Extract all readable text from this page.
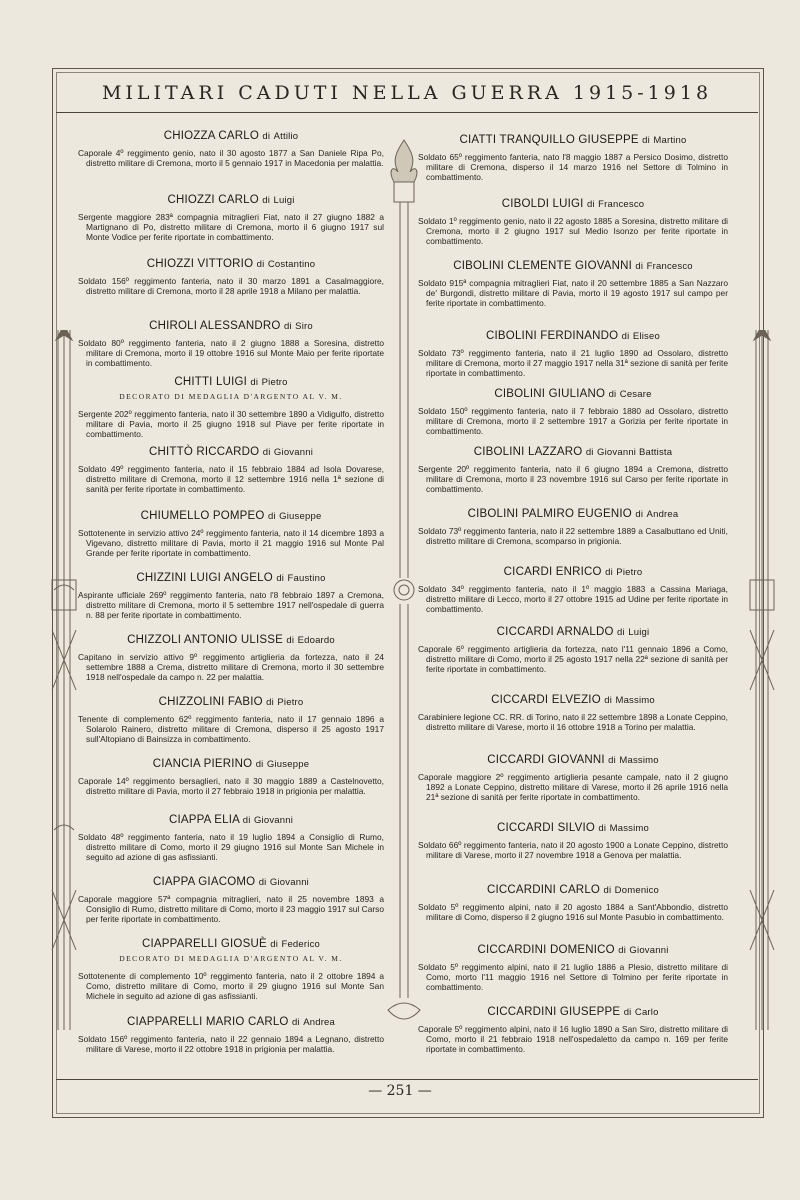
MILITARI CADUTI NELLA GUERRA 1915-1918
CHIOZZA CARLO di Attilio
Caporale 4º reggimento genio, nato il 30 agosto 1877 a San Daniele Ripa Po, distretto militare di Cremona, morto il 5 gennaio 1917 in Macedonia per malattia.
CHIOZZI CARLO di Luigi
Sergente maggiore 283ª compagnia mitraglieri Fiat, nato il 27 giugno 1882 a Martignano di Po, distretto militare di Cremona, morto il 6 giugno 1917 sul Monte Vodice per ferite riportate in combattimento.
CHIOZZI VITTORIO di Costantino
Soldato 156º reggimento fanteria, nato il 30 marzo 1891 a Casalmaggiore, distretto militare di Cremona, morto il 28 aprile 1918 a Milano per malattia.
CHIROLI ALESSANDRO di Siro
Soldato 80º reggimento fanteria, nato il 2 giugno 1888 a Soresina, distretto militare di Cremona, morto il 19 ottobre 1916 sul Monte Maio per ferite riportate in combattimento.
CHITTI LUIGI di Pietro
DECORATO DI MEDAGLIA D'ARGENTO AL V. M.
Sergente 202º reggimento fanteria, nato il 30 settembre 1890 a Vidigulfo, distretto militare di Pavia, morto il 25 giugno 1918 sul Piave per ferite riportate in combattimento.
CHITTÒ RICCARDO di Giovanni
Soldato 49º reggimento fanteria, nato il 15 febbraio 1884 ad Isola Dovarese, distretto militare di Cremona, morto il 12 settembre 1916 nella 1ª sezione di sanità per ferite riportate in combattimento.
CHIUMELLO POMPEO di Giuseppe
Sottotenente in servizio attivo 24º reggimento fanteria, nato il 14 dicembre 1893 a Vigevano, distretto militare di Pavia, morto il 21 maggio 1916 sul Monte Pal Grande per ferite riportate in combattimento.
CHIZZINI LUIGI ANGELO di Faustino
Aspirante ufficiale 269º reggimento fanteria, nato l'8 febbraio 1897 a Cremona, distretto militare di Cremona, morto il 5 settembre 1917 nell'ospedale di guerra n. 88 per ferite riportate in combattimento.
CHIZZOLI ANTONIO ULISSE di Edoardo
Capitano in servizio attivo 9º reggimento artiglieria da fortezza, nato il 24 settembre 1888 a Crema, distretto militare di Cremona, morto il 30 settembre 1918 nell'ospedale da campo n. 22 per malattia.
CHIZZOLINI FABIO di Pietro
Tenente di complemento 62º reggimento fanteria, nato il 17 gennaio 1896 a Solarolo Rainero, distretto militare di Cremona, disperso il 25 agosto 1917 sull'Altopiano di Bainsizza in combattimento.
CIANCIA PIERINO di Giuseppe
Caporale 14º reggimento bersaglieri, nato il 30 maggio 1889 a Castelnovetto, distretto militare di Pavia, morto il 27 febbraio 1918 in prigionia per malattia.
CIAPPA ELIA di Giovanni
Soldato 48º reggimento fanteria, nato il 19 luglio 1894 a Consiglio di Rumo, distretto militare di Como, morto il 29 giugno 1916 sul Monte San Michele in seguito ad azione di gas asfissianti.
CIAPPA GIACOMO di Giovanni
Caporale maggiore 57ª compagnia mitraglieri, nato il 25 novembre 1893 a Consiglio di Rumo, distretto militare di Como, morto il 23 maggio 1917 sul Carso per ferite riportate in combattimento.
CIAPPARELLI GIOSUÈ di Federico
DECORATO DI MEDAGLIA D'ARGENTO AL V. M.
Sottotenente di complemento 10º reggimento fanteria, nato il 2 ottobre 1894 a Como, distretto militare di Como, morto il 29 giugno 1916 sul Monte San Michele in seguito ad azione di gas asfissianti.
CIAPPARELLI MARIO CARLO di Andrea
Soldato 156º reggimento fanteria, nato il 22 gennaio 1894 a Legnano, distretto militare di Varese, morto il 22 ottobre 1918 in prigionia per malattia.
CIATTI TRANQUILLO GIUSEPPE di Martino
Soldato 65º reggimento fanteria, nato l'8 maggio 1887 a Persico Dosimo, distretto militare di Cremona, disperso il 14 marzo 1916 nel Settore di Tolmino in combattimento.
CIBOLDI LUIGI di Francesco
Soldato 1º reggimento genio, nato il 22 agosto 1885 a Soresina, distretto militare di Cremona, morto il 2 giugno 1917 sul Medio Isonzo per ferite riportate in combattimento.
CIBOLINI CLEMENTE GIOVANNI di Francesco
Soldato 915ª compagnia mitraglieri Fiat, nato il 20 settembre 1885 a San Nazzaro de' Burgondi, distretto militare di Pavia, morto il 19 agosto 1917 sul campo per ferite riportate in combattimento.
CIBOLINI FERDINANDO di Eliseo
Soldato 73º reggimento fanteria, nato il 21 luglio 1890 ad Ossolaro, distretto militare di Cremona, morto il 27 maggio 1917 nella 31ª sezione di sanità per ferite riportate in combattimento.
CIBOLINI GIULIANO di Cesare
Soldato 150º reggimento fanteria, nato il 7 febbraio 1880 ad Ossolaro, distretto militare di Cremona, morto il 2 settembre 1917 a Gorizia per ferite riportate in combattimento.
CIBOLINI LAZZARO di Giovanni Battista
Sergente 20º reggimento fanteria, nato il 6 giugno 1894 a Cremona, distretto militare di Cremona, morto il 23 novembre 1916 sul Carso per ferite riportate in combattimento.
CIBOLINI PALMIRO EUGENIO di Andrea
Soldato 73º reggimento fanteria, nato il 22 settembre 1889 a Casalbuttano ed Uniti, distretto militare di Cremona, scomparso in prigionia.
CICARDI ENRICO di Pietro
Soldato 34º reggimento fanteria, nato il 1º maggio 1883 a Cassina Mariaga, distretto militare di Lecco, morto il 27 ottobre 1915 ad Udine per ferite riportate in combattimento.
CICCARDI ARNALDO di Luigi
Caporale 6º reggimento artiglieria da fortezza, nato l'11 gennaio 1896 a Como, distretto militare di Como, morto il 25 agosto 1917 nella 22ª sezione di sanità per ferite riportate in combattimento.
CICCARDI ELVEZIO di Massimo
Carabiniere legione CC. RR. di Torino, nato il 22 settembre 1898 a Lonate Ceppino, distretto militare di Varese, morto il 16 ottobre 1918 a Torino per malattia.
CICCARDI GIOVANNI di Massimo
Caporale maggiore 2º reggimento artiglieria pesante campale, nato il 2 giugno 1892 a Lonate Ceppino, distretto militare di Varese, morto il 26 aprile 1916 nella 21ª sezione di sanità per ferite riportate in combattimento.
CICCARDI SILVIO di Massimo
Soldato 66º reggimento fanteria, nato il 20 agosto 1900 a Lonate Ceppino, distretto militare di Varese, morto il 27 novembre 1918 a Genova per malattia.
CICCARDINI CARLO di Domenico
Soldato 5º reggimento alpini, nato il 20 agosto 1884 a Sant'Abbondio, distretto militare di Como, disperso il 2 giugno 1916 sul Monte Pasubio in combattimento.
CICCARDINI DOMENICO di Giovanni
Soldato 5º reggimento alpini, nato il 21 luglio 1886 a Plesio, distretto militare di Como, morto l'11 maggio 1916 nel Settore di Tolmino per ferite riportate in combattimento.
CICCARDINI GIUSEPPE di Carlo
Caporale 5º reggimento alpini, nato il 16 luglio 1890 a San Siro, distretto militare di Como, morto il 21 febbraio 1918 nell'ospedaletto da campo n. 169 per ferite riportate in combattimento.
— 251 —
